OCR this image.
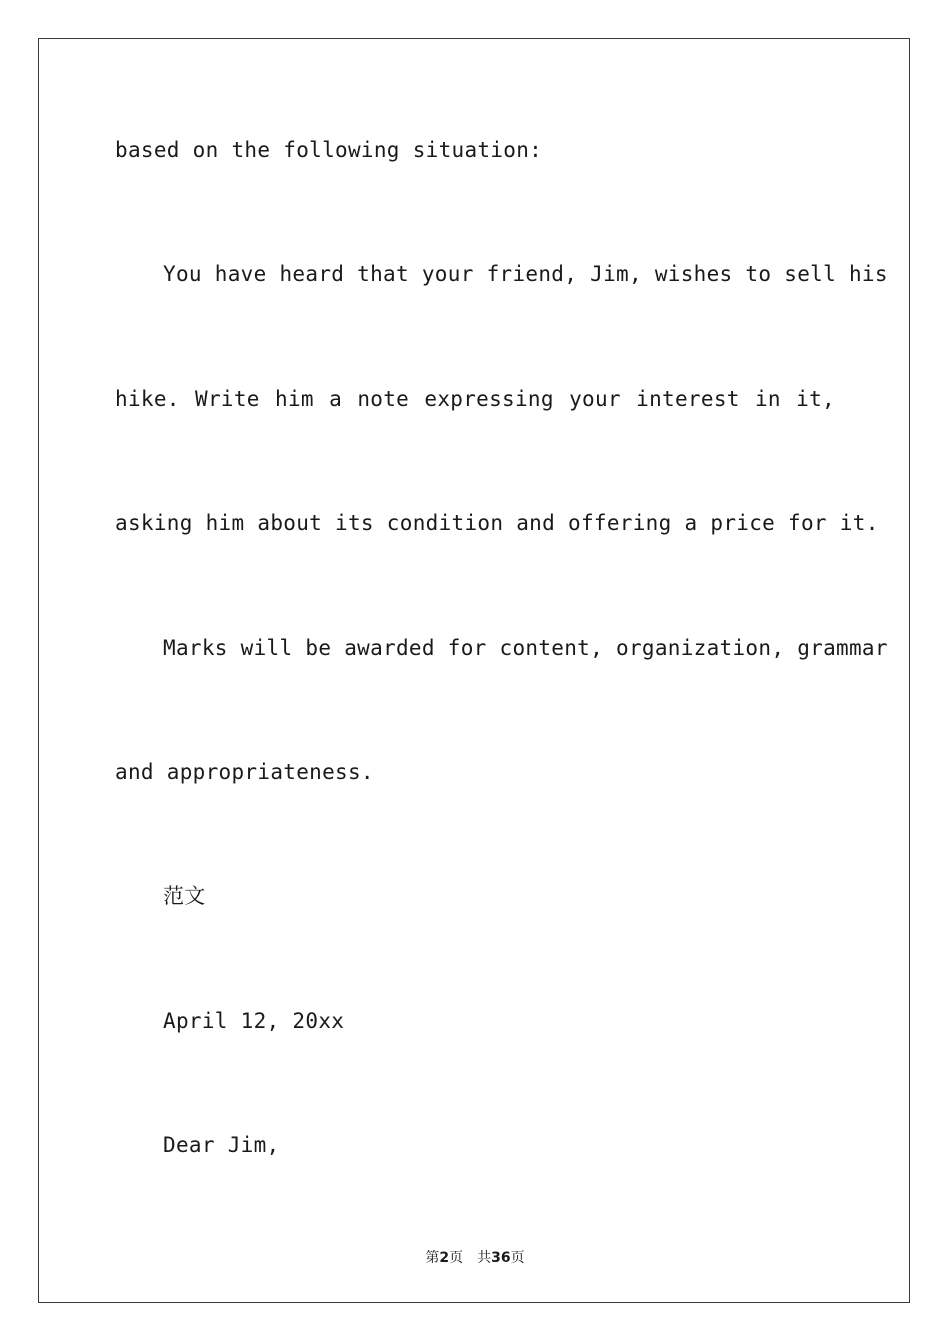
based on the following situation:
You have heard that your friend, Jim, wishes to sell his
hike. Write him a note expressing your interest in it,
asking him about its condition and offering a price for it.
Marks will be awarded for content, organization, grammar
and appropriateness.
范文
April 12, 20xx
Dear Jim,
第2页 共36页
